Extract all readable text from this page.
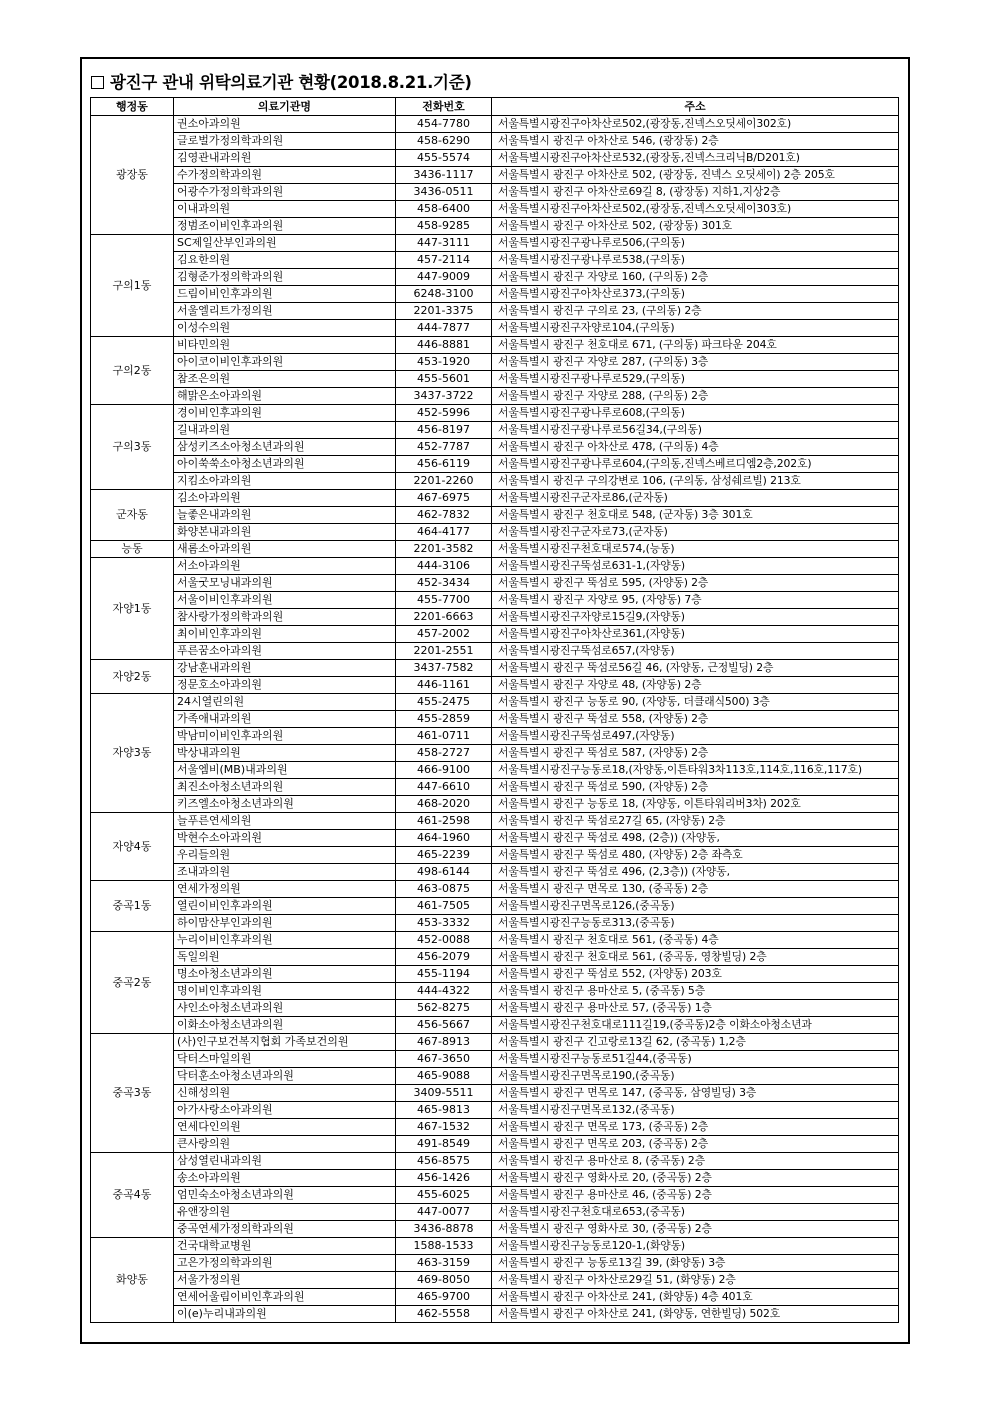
광진구 관내 위탁의료기관 현황(2018.8.21.기준)
행정동	의료기관명	전화번호	주소
광장동	권소아과의원	454-7780	서울특별시광진구아차산로502,(광장동,진넥스오딧세이302호)
	글로벌가정의학과의원	458-6290	서울특별시 광진구 아차산로 546, (광장동) 2층
	김영관내과의원	455-5574	서울특별시광진구아차산로532,(광장동,진넥스크리닉B/D201호)
	수가정의학과의원	3436-1117	서울특별시 광진구 아차산로 502, (광장동, 진넥스 오딧세이) 2층 205호
	어광수가정의학과의원	3436-0511	서울특별시 광진구 아차산로69길 8, (광장동) 지하1,지상2층
	이내과의원	458-6400	서울특별시광진구아차산로502,(광장동,진넥스오딧세이303호)
	정범조이비인후과의원	458-9285	서울특별시 광진구 아차산로 502, (광장동) 301호
구의1동	SC제일산부인과의원	447-3111	서울특별시광진구광나루로506,(구의동)
	김요한의원	457-2114	서울특별시광진구광나루로538,(구의동)
	김형준가정의학과의원	447-9009	서울특별시 광진구 자양로 160, (구의동) 2층
	드림이비인후과의원	6248-3100	서울특별시광진구아차산로373,(구의동)
	서울엘리트가정의원	2201-3375	서울특별시 광진구 구의로 23, (구의동) 2층
	이성수의원	444-7877	서울특별시광진구자양로104,(구의동)
구의2동	비타민의원	446-8881	서울특별시 광진구 천호대로 671, (구의동) 파크타운 204호
	아이코이비인후과의원	453-1920	서울특별시 광진구 자양로 287, (구의동) 3층
	참조은의원	455-5601	서울특별시광진구광나루로529,(구의동)
	해맑은소아과의원	3437-3722	서울특별시 광진구 자양로 288, (구의동) 2층
구의3동	경이비인후과의원	452-5996	서울특별시광진구광나루로608,(구의동)
	길내과의원	456-8197	서울특별시광진구광나루로56길34,(구의동)
	삼성키즈소아청소년과의원	452-7787	서울특별시 광진구 아차산로 478, (구의동) 4층
	아이쑥쑥소아청소년과의원	456-6119	서울특별시광진구광나루로604,(구의동,진넥스베르디엠2층,202호)
	지킴소아과의원	2201-2260	서울특별시 광진구 구의강변로 106, (구의동, 삼성쉐르빌) 213호
군자동	김소아과의원	467-6975	서울특별시광진구군자로86,(군자동)
	늘좋은내과의원	462-7832	서울특별시 광진구 천호대로 548, (군자동) 3층 301호
	화양본내과의원	464-4177	서울특별시광진구군자로73,(군자동)
능동	새롬소아과의원	2201-3582	서울특별시광진구천호대로574,(능동)
자양1동	서소아과의원	444-3106	서울특별시광진구뚝섬로631-1,(자양동)
	서울굿모닝내과의원	452-3434	서울특별시 광진구 뚝섬로 595, (자양동) 2층
	서울이비인후과의원	455-7700	서울특별시 광진구 자양로 95, (자양동) 7층
	참사랑가정의학과의원	2201-6663	서울특별시광진구자양로15길9,(자양동)
	최이비인후과의원	457-2002	서울특별시광진구아차산로361,(자양동)
	푸른꿈소아과의원	2201-2551	서울특별시광진구뚝섬로657,(자양동)
자양2동	강남훈내과의원	3437-7582	서울특별시 광진구 뚝섬로56길 46, (자양동, 근정빌딩) 2층
	정문호소아과의원	446-1161	서울특별시 광진구 자양로 48, (자양동) 2층
자양3동	24시열린의원	455-2475	서울특별시 광진구 능동로 90, (자양동, 더클래식500) 3층
	가족애내과의원	455-2859	서울특별시 광진구 뚝섬로 558, (자양동) 2층
	박남미이비인후과의원	461-0711	서울특별시광진구뚝섬로497,(자양동)
	박상내과의원	458-2727	서울특별시 광진구 뚝섬로 587, (자양동) 2층
	서울엠비(MB)내과의원	466-9100	서울특별시광진구능동로18,(자양동,이튼타워3차113호,114호,116호,117호)
	최진소아청소년과의원	447-6610	서울특별시 광진구 뚝섬로 590, (자양동) 2층
	키즈엘소아청소년과의원	468-2020	서울특별시 광진구 능동로 18, (자양동, 이튼타워리버3차) 202호
자양4동	늘푸른연세의원	461-2598	서울특별시 광진구 뚝섬로27길 65, (자양동) 2층
	박현수소아과의원	464-1960	서울특별시 광진구 뚝섬로 498, (2층)) (자양동,
	우리들의원	465-2239	서울특별시 광진구 뚝섬로 480, (자양동) 2층 좌측호
	조내과의원	498-6144	서울특별시 광진구 뚝섬로 496, (2,3층)) (자양동,
중곡1동	연세가정의원	463-0875	서울특별시 광진구 면목로 130, (중곡동) 2층
	열린이비인후과의원	461-7505	서울특별시광진구면목로126,(중곡동)
	하이맘산부인과의원	453-3332	서울특별시광진구능동로313,(중곡동)
중곡2동	누리이비인후과의원	452-0088	서울특별시 광진구 천호대로 561, (중곡동) 4층
	독일의원	456-2079	서울특별시 광진구 천호대로 561, (중곡동, 영창빌딩) 2층
	명소아청소년과의원	455-1194	서울특별시 광진구 뚝섬로 552, (자양동) 203호
	명이비인후과의원	444-4322	서울특별시 광진구 용마산로 5, (중곡동) 5층
	샤인소아청소년과의원	562-8275	서울특별시 광진구 용마산로 57, (중곡동) 1층
	이화소아청소년과의원	456-5667	서울특별시광진구천호대로111길19,(중곡동)2층 이화소아청소년과
중곡3동	(사)인구보건복지협회 가족보건의원	467-8913	서울특별시 광진구 긴고랑로13길 62, (중곡동) 1,2층
	닥터스마일의원	467-3650	서울특별시광진구능동로51길44,(중곡동)
	닥터훈소아청소년과의원	465-9088	서울특별시광진구면목로190,(중곡동)
	신해성의원	3409-5511	서울특별시 광진구 면목로 147, (중곡동, 삼영빌딩) 3층
	아가사랑소아과의원	465-9813	서울특별시광진구면목로132,(중곡동)
	연세다인의원	467-1532	서울특별시 광진구 면목로 173, (중곡동) 2층
	큰사랑의원	491-8549	서울특별시 광진구 면목로 203, (중곡동) 2층
중곡4동	삼성열린내과의원	456-8575	서울특별시 광진구 용마산로 8, (중곡동) 2층
	송소아과의원	456-1426	서울특별시 광진구 영화사로 20, (중곡동) 2층
	엄민숙소아청소년과의원	455-6025	서울특별시 광진구 용마산로 46, (중곡동) 2층
	유앤장의원	447-0077	서울특별시광진구천호대로653,(중곡동)
	중곡연세가정의학과의원	3436-8878	서울특별시 광진구 영화사로 30, (중곡동) 2층
화양동	건국대학교병원	1588-1533	서울특별시광진구능동로120-1,(화양동)
	고은가정의학과의원	463-3159	서울특별시 광진구 능동로13길 39, (화양동) 3층
	서울가정의원	469-8050	서울특별시 광진구 아차산로29길 51, (화양동) 2층
	연세어울림이비인후과의원	465-9700	서울특별시 광진구 아차산로 241, (화양동) 4층 401호
	이(e)누리내과의원	462-5558	서울특별시 광진구 아차산로 241, (화양동, 연한빌딩) 502호
